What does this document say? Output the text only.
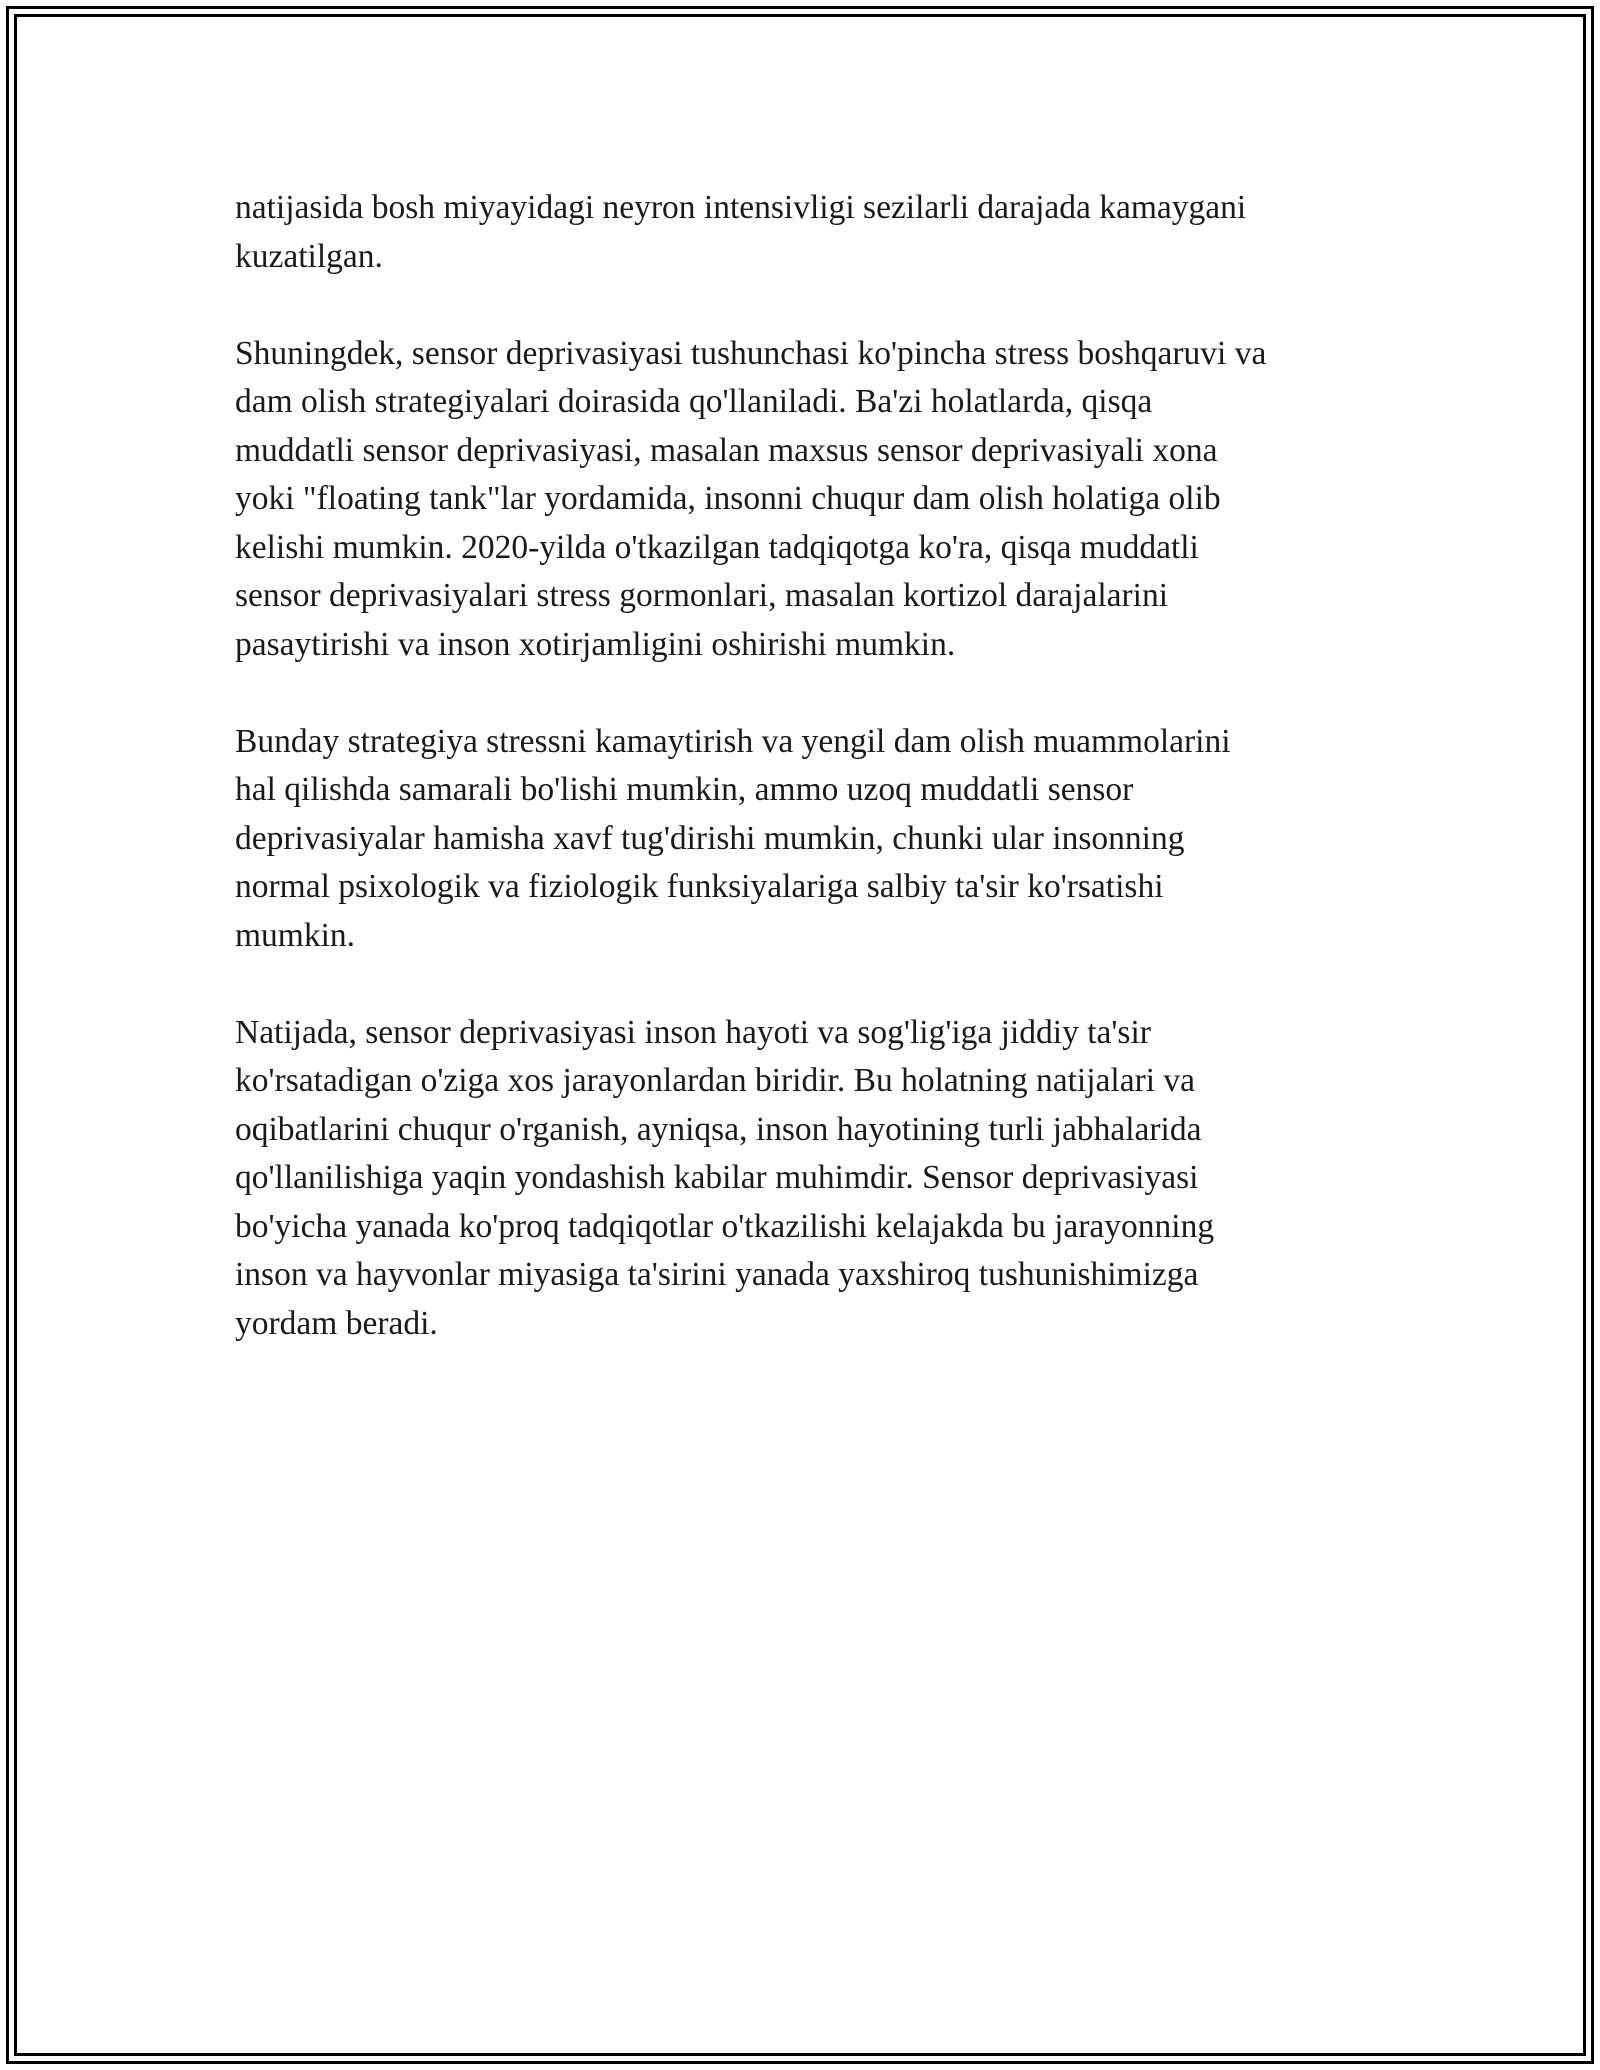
natijasida bosh miyayidagi neyron intensivligi sezilarli darajada kamaygani
kuzatilgan.

Shuningdek, sensor deprivasiyasi tushunchasi ko'pincha stress boshqaruvi va
dam olish strategiyalari doirasida qo'llaniladi. Ba'zi holatlarda, qisqa
muddatli sensor deprivasiyasi, masalan maxsus sensor deprivasiyali xona
yoki "floating tank"lar yordamida, insonni chuqur dam olish holatiga olib
kelishi mumkin. 2020-yilda o'tkazilgan tadqiqotga ko'ra, qisqa muddatli
sensor deprivasiyalari stress gormonlari, masalan kortizol darajalarini
pasaytirishi va inson xotirjamligini oshirishi mumkin.

Bunday strategiya stressni kamaytirish va yengil dam olish muammolarini
hal qilishda samarali bo'lishi mumkin, ammo uzoq muddatli sensor
deprivasiyalar hamisha xavf tug'dirishi mumkin, chunki ular insonning
normal psixologik va fiziologik funksiyalariga salbiy ta'sir ko'rsatishi
mumkin.

Natijada, sensor deprivasiyasi inson hayoti va sog'lig'iga jiddiy ta'sir
ko'rsatadigan o'ziga xos jarayonlardan biridir. Bu holatning natijalari va
oqibatlarini chuqur o'rganish, ayniqsa, inson hayotining turli jabhalarida
qo'llanilishiga yaqin yondashish kabilar muhimdir. Sensor deprivasiyasi
bo'yicha yanada ko'proq tadqiqotlar o'tkazilishi kelajakda bu jarayonning
inson va hayvonlar miyasiga ta'sirini yanada yaxshiroq tushunishimizga
yordam beradi.
